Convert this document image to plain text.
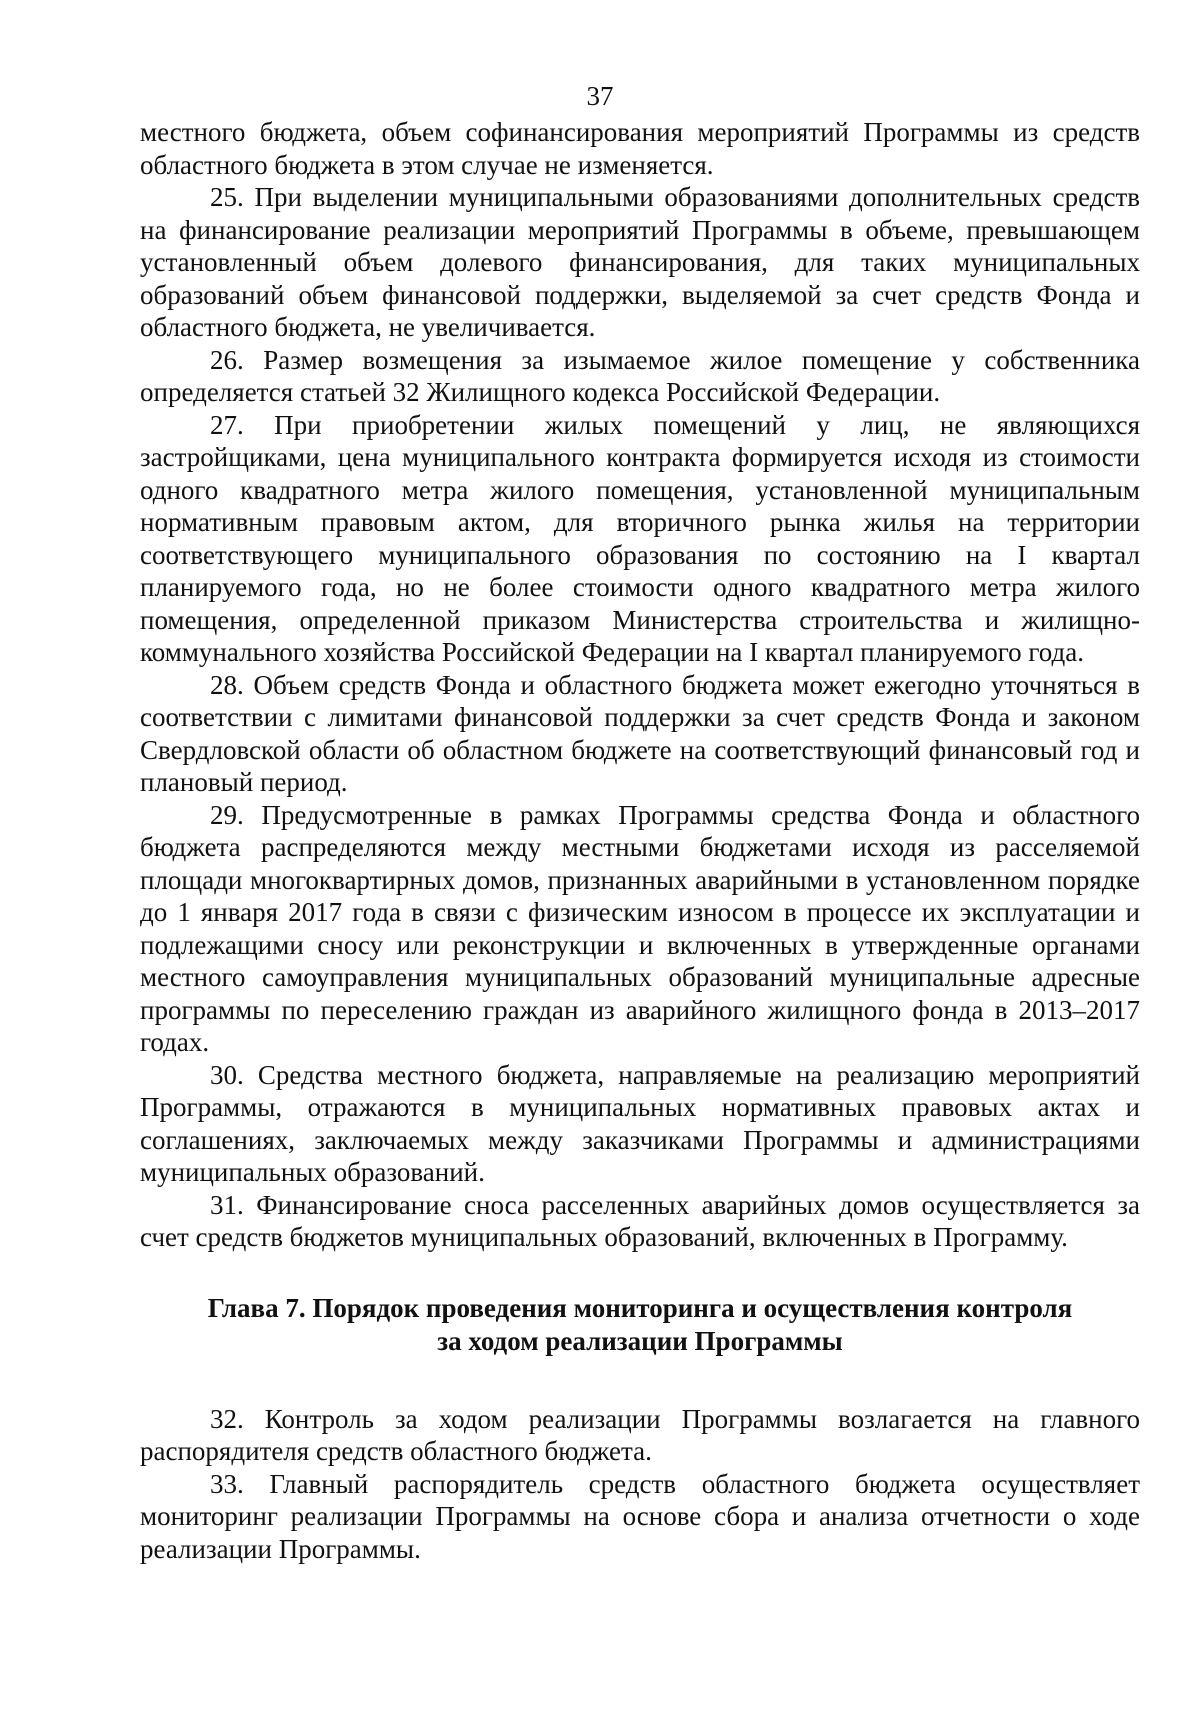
37

местного бюджета, объем софинансирования мероприятий Программы из средств областного бюджета в этом случае не изменяется.

25. При выделении муниципальными образованиями дополнительных средств на финансирование реализации мероприятий Программы в объеме, превышающем установленный объем долевого финансирования, для таких муниципальных образований объем финансовой поддержки, выделяемой за счет средств Фонда и областного бюджета, не увеличивается.

26. Размер возмещения за изымаемое жилое помещение у собственника определяется статьей 32 Жилищного кодекса Российской Федерации.

27. При приобретении жилых помещений у лиц, не являющихся застройщиками, цена муниципального контракта формируется исходя из стоимости одного квадратного метра жилого помещения, установленной муниципальным нормативным правовым актом, для вторичного рынка жилья на территории соответствующего муниципального образования по состоянию на I квартал планируемого года, но не более стоимости одного квадратного метра жилого помещения, определенной приказом Министерства строительства и жилищно-коммунального хозяйства Российской Федерации на I квартал планируемого года.

28. Объем средств Фонда и областного бюджета может ежегодно уточняться в соответствии с лимитами финансовой поддержки за счет средств Фонда и законом Свердловской области об областном бюджете на соответствующий финансовый год и плановый период.

29. Предусмотренные в рамках Программы средства Фонда и областного бюджета распределяются между местными бюджетами исходя из расселяемой площади многоквартирных домов, признанных аварийными в установленном порядке до 1 января 2017 года в связи с физическим износом в процессе их эксплуатации и подлежащими сносу или реконструкции и включенных в утвержденные органами местного самоуправления муниципальных образований муниципальные адресные программы по переселению граждан из аварийного жилищного фонда в 2013–2017 годах.

30. Средства местного бюджета, направляемые на реализацию мероприятий Программы, отражаются в муниципальных нормативных правовых актах и соглашениях, заключаемых между заказчиками Программы и администрациями муниципальных образований.

31. Финансирование сноса расселенных аварийных домов осуществляется за счет средств бюджетов муниципальных образований, включенных в Программу.

Глава 7. Порядок проведения мониторинга и осуществления контроля
за ходом реализации Программы

32. Контроль за ходом реализации Программы возлагается на главного распорядителя средств областного бюджета.

33. Главный распорядитель средств областного бюджета осуществляет мониторинг реализации Программы на основе сбора и анализа отчетности о ходе реализации Программы.
